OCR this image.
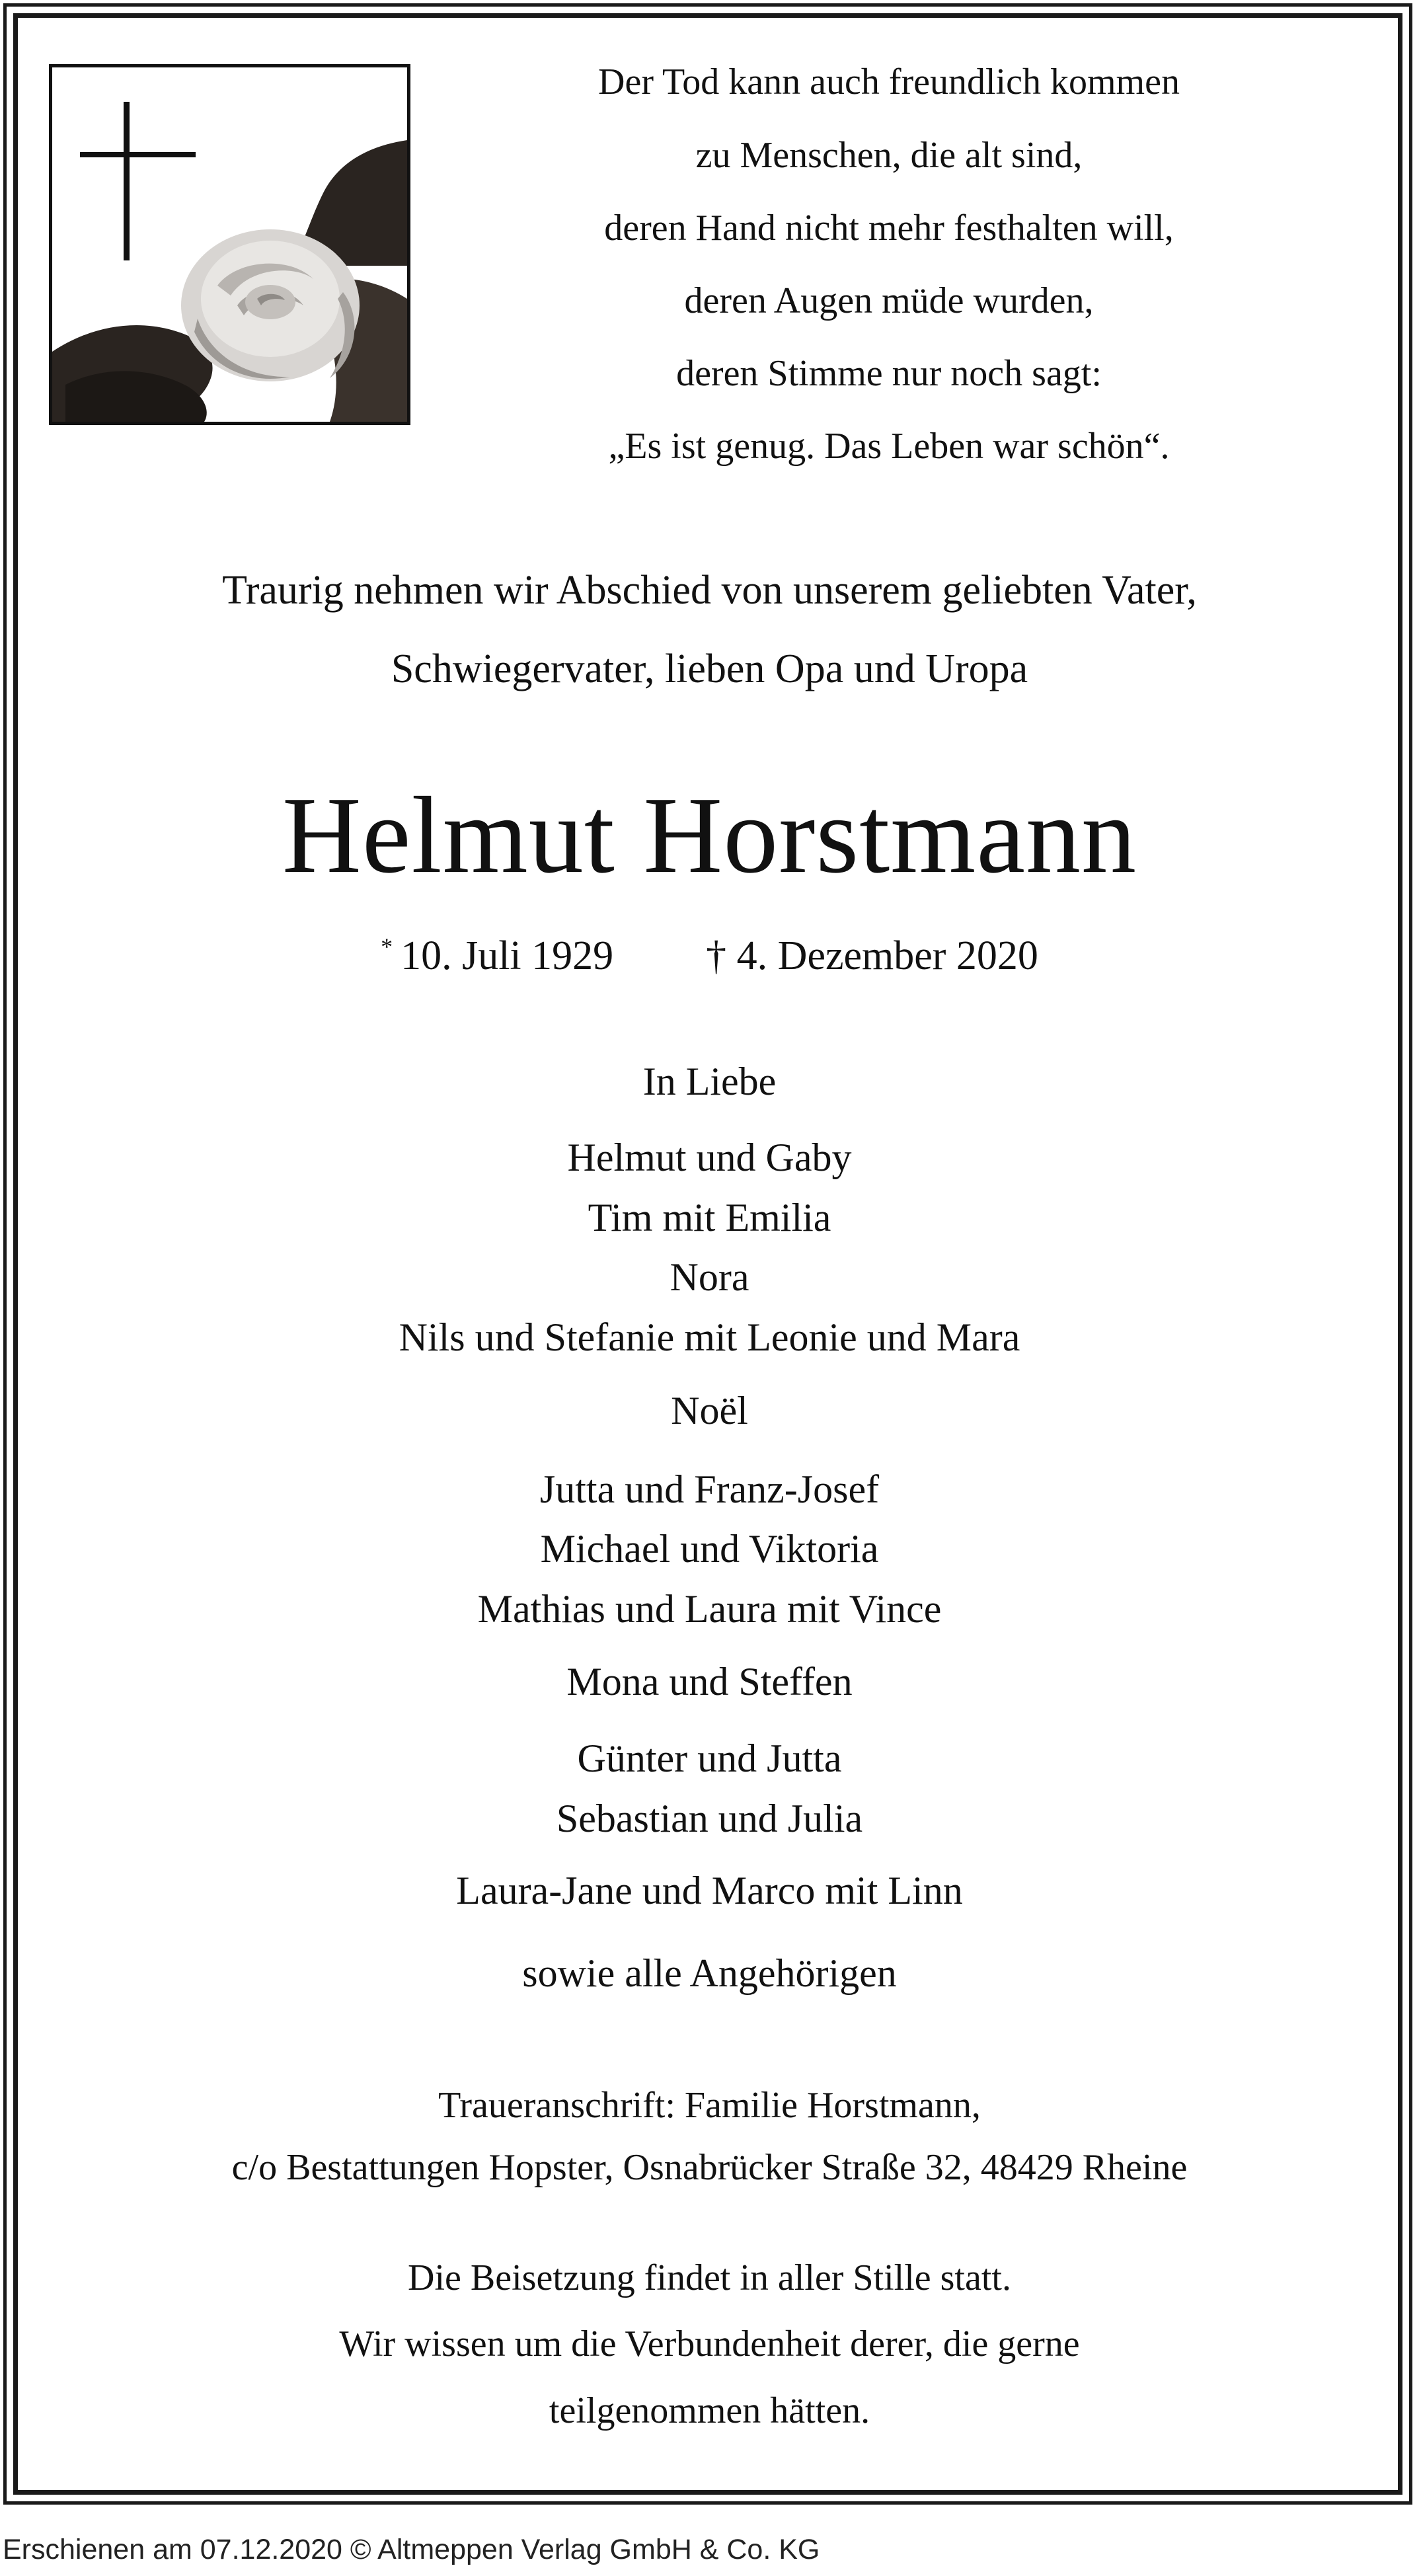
Der Tod kann auch freundlich kommen
zu Menschen, die alt sind,
deren Hand nicht mehr festhalten will,
deren Augen müde wurden,
deren Stimme nur noch sagt:
„Es ist genug. Das Leben war schön“.
Traurig nehmen wir Abschied von unserem geliebten Vater,
Schwiegervater, lieben Opa und Uropa
Helmut Horstmann
* 10. Juli 1929 † 4. Dezember 2020
In Liebe
Helmut und Gaby
Tim mit Emilia
Nora
Nils und Stefanie mit Leonie und Mara
Noël
Jutta und Franz-Josef
Michael und Viktoria
Mathias und Laura mit Vince
Mona und Steffen
Günter und Jutta
Sebastian und Julia
Laura-Jane und Marco mit Linn
sowie alle Angehörigen
Traueranschrift: Familie Horstmann,
c/o Bestattungen Hopster, Osnabrücker Straße 32, 48429 Rheine
Die Beisetzung findet in aller Stille statt.
Wir wissen um die Verbundenheit derer, die gerne
teilgenommen hätten.
Erschienen am 07.12.2020 © Altmeppen Verlag GmbH & Co. KG
